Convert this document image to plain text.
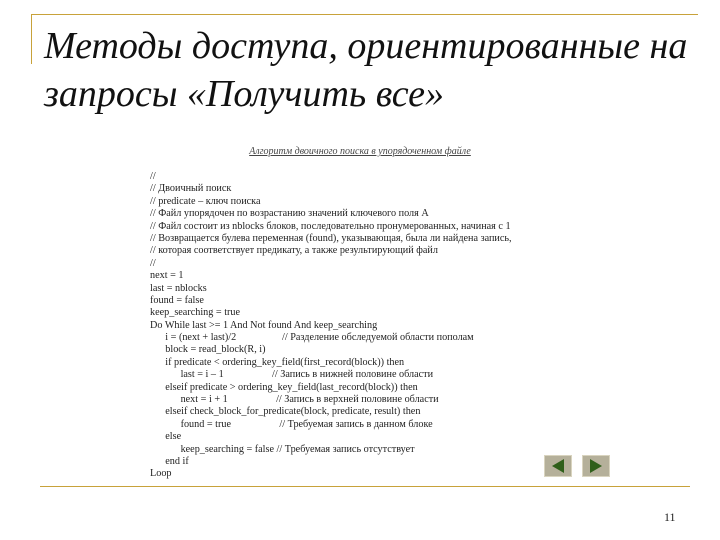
Методы доступа, ориентированные на
запросы «Получить все»
Алгоритм двоичного поиска в упорядоченном файле
//
// Двоичный поиск
// predicate – ключ поиска
// Файл упорядочен по возрастанию значений ключевого поля A
// Файл состоит из nblocks блоков, последовательно пронумерованных, начиная с 1
// Возвращается булева переменная (found), указывающая, была ли найдена запись,
// которая соответствует предикату, а также результирующий файл
//
next = 1
last = nblocks
found = false
keep_searching = true
Do While last >= 1 And Not found And keep_searching
i = (next + last)/2                  // Разделение обследуемой области пополам
block = read_block(R, i)
if predicate < ordering_key_field(first_record(block)) then
last = i – 1                   // Запись в нижней половине области
elseif predicate > ordering_key_field(last_record(block)) then
next = i + 1                   // Запись в верхней половине области
elseif check_block_for_predicate(block, predicate, result) then
found = true                   // Требуемая запись в данном блоке
else
keep_searching = false // Требуемая запись отсутствует
end if
Loop
11
